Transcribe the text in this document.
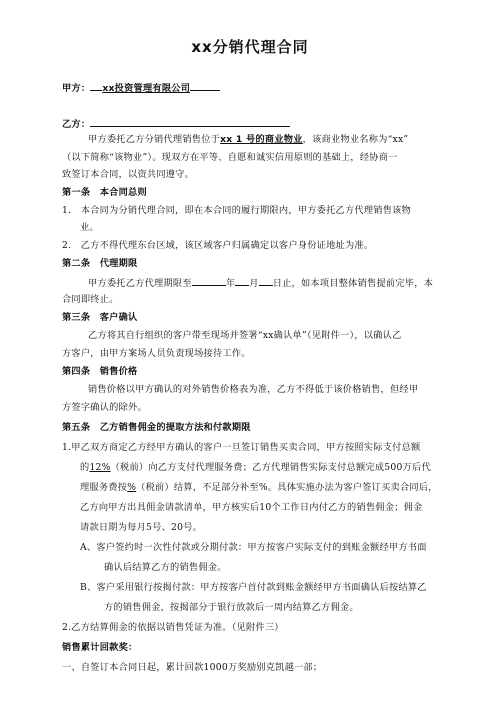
xx分销代理合同
甲方： xx投资管理有限公司
乙方：
甲方委托乙方分销代理销售位于xx 1 号的商业物业，该商业物业名称为“xx”
（以下简称“该物业”）。现双方在平等、自愿和诚实信用原则的基础上，经协商一
致签订本合同，以资共同遵守。
第一条　本合同总则
1.　本合同为分销代理合同，即在本合同的履行期限内，甲方委托乙方代理销售该物
业。
2.　乙方不得代理东台区域，该区域客户归属确定以客户身份证地址为准。
第二条　代理期限
甲方委托乙方代理期限至	年 月 日止，如本项目整体销售提前完毕，本
合同即终止。
第三条　客户确认
乙方将其自行组织的客户带至现场并签署“xx确认单”（见附件一），以确认乙
方客户，由甲方案场人员负责现场接待工作。
第四条　销售价格
销售价格以甲方确认的对外销售价格表为准，乙方不得低于该价格销售，但经甲
方签字确认的除外。
第五条　乙方销售佣金的提取方法和付款期限
1.甲乙双方商定乙方经甲方确认的客户一旦签订销售买卖合同，甲方按照实际支付总额
的12%（税前）向乙方支付代理服务费；乙方代理销售实际支付总额完成500万后代
理服务费按%（税前）结算，不足部分补至%。具体实施办法为客户签订买卖合同后，
乙方向甲方出具佣金请款清单，甲方核实后10个工作日内付乙方的销售佣金；佣金
请款日期为每月5号、20号。
A、客户签约时一次性付款或分期付款：甲方按客户实际支付的到账金额经甲方书面
确认后结算乙方的销售佣金。
B、客户采用银行按揭付款：甲方按客户首付款到账金额经甲方书面确认后按结算乙
方的销售佣金，按揭部分于银行放款后一周内结算乙方佣金。
2.乙方结算佣金的依据以销售凭证为准。（见附件三）
销售累计回款奖：
一、自签订本合同日起，累计回款1000万奖励别克凯越一部；
